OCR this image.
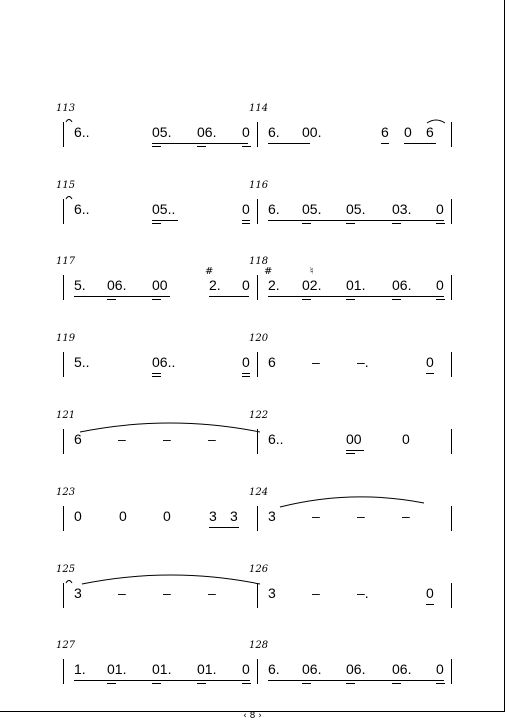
113	114
6..	05. 06. 0 6. 00.	6 0 6
115	116
6..	05..	0 6. 05. 05. 03. 0
117	118
#	#	♮
5. 06. 00	2. 0 2. 02. 01. 06. 0
119	120
5..	06..	0 6	–	–.	0
121	122
6	–	–	–	6..	00	0
123	124
0	0	0	3 3 3	–	–	–
125	126
3	–	–	–	3	–	–.	0
127	128
1. 01. 01. 01. 0 6. 06. 06. 06. 0
‹ 8 ›
